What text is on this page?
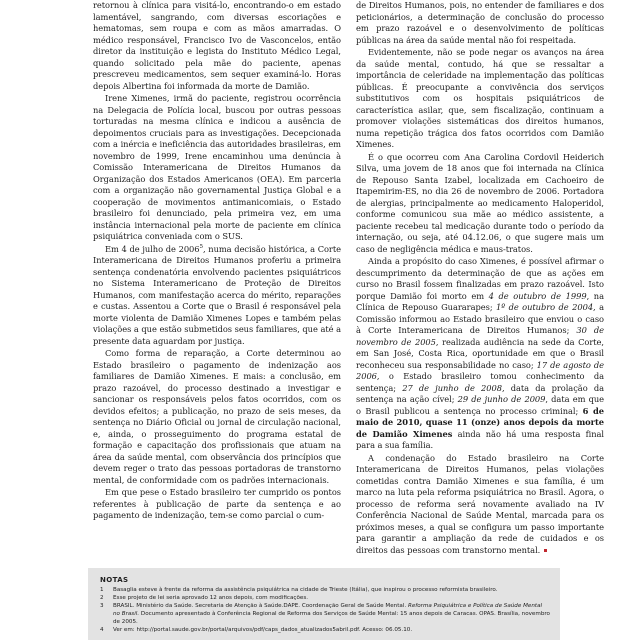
retornou à clínica para visitá-lo, encontrando-o em estado lamentável, sangrando, com diversas escoriações e hematomas, sem roupa e com as mãos amarradas. O médico responsável, Francisco Ivo de Vasconcelos, então diretor da instituição e legista do Instituto Médico Legal, quando solicitado pela mãe do paciente, apenas prescreveu medicamentos, sem sequer examiná-lo. Horas depois Albertina foi informada da morte de Damião.

Irene Ximenes, irmã do paciente, registrou ocorrência na Delegacia de Polícia local, buscou por outras pessoas torturadas na mesma clínica e indicou a ausência de depoimentos cruciais para as investigações. Decepcionada com a inércia e ineficiência das autoridades brasileiras, em novembro de 1999, Irene encaminhou uma denúncia à Comissão Interamericana de Direitos Humanos da Organização dos Estados Americanos (OEA). Em parceria com a organização não governamental Justiça Global e a cooperação de movimentos antimanicomiais, o Estado brasileiro foi denunciado, pela primeira vez, em uma instância internacional pela morte de paciente em clínica psiquiátrica conveniada com o SUS.

Em 4 de julho de 2006$^5$, numa decisão histórica, a Corte Interamericana de Direitos Humanos proferiu a primeira sentença condenatória envolvendo pacientes psiquiátricos no Sistema Interamericano de Proteção de Direitos Humanos, com manifestação acerca do mérito, reparações e custas. Assentou a Corte que o Brasil é responsável pela morte violenta de Damião Ximenes Lopes e também pelas violações a que estão submetidos seus familiares, que até a presente data aguardam por justiça.

Como forma de reparação, a Corte determinou ao Estado brasileiro o pagamento de indenização aos familiares de Damião Ximenes. E mais: a conclusão, em prazo razoável, do processo destinado a investigar e sancionar os responsáveis pelos fatos ocorridos, com os devidos efeitos; a publicação, no prazo de seis meses, da sentença no Diário Oficial ou jornal de circulação nacional, e, ainda, o prosseguimento do programa estatal de formação e capacitação dos profissionais que atuam na área da saúde mental, com observância dos princípios que devem reger o trato das pessoas portadoras de transtorno mental, de conformidade com os padrões internacionais.

Em que pese o Estado brasileiro ter cumprido os pontos referentes à publicação de parte da sentença e ao pagamento de indenização, tem-se como parcial o cum-

de Direitos Humanos, pois, no entender de familiares e dos peticionários, a determinação de conclusão do processo em prazo razoável e o desenvolvimento de políticas públicas na área da saúde mental não foi respeitada.

Evidentemente, não se pode negar os avanços na área da saúde mental, contudo, há que se ressaltar a importância de celeridade na implementação das políticas públicas. É preocupante a convivência dos serviços substitutivos com os hospitais psiquiátricos de característica asilar, que, sem fiscalização, continuam a promover violações sistemáticas dos direitos humanos, numa repetição trágica dos fatos ocorridos com Damião Ximenes.

É o que ocorreu com Ana Carolina Cordovil Heiderich Silva, uma jovem de 18 anos que foi internada na Clínica de Repouso Santa Izabel, localizada em Cachoeiro de Itapemirim-ES, no dia 26 de novembro de 2006. Portadora de alergias, principalmente ao medicamento Haloperidol, conforme comunicou sua mãe ao médico assistente, a paciente recebeu tal medicação durante todo o período da internação, ou seja, até 04.12.06, o que sugere mais um caso de negligência médica e maus-tratos.

Ainda a propósito do caso Ximenes, é possível afirmar o descumprimento da determinação de que as ações em curso no Brasil fossem finalizadas em prazo razoável. Isto porque Damião foi morto em 4 de outubro de 1999, na Clínica de Repouso Guararapes; 1º de outubro de 2004, a Comissão informou ao Estado brasileiro que enviou o caso à Corte Interamericana de Direitos Humanos; 30 de novembro de 2005, realizada audiência na sede da Corte, em San José, Costa Rica, oportunidade em que o Brasil reconheceu sua responsabilidade no caso; 17 de agosto de 2006, o Estado brasileiro tomou conhecimento da sentença; 27 de junho de 2008, data da prolação da sentença na ação cível; 29 de junho de 2009, data em que o Brasil publicou a sentença no processo criminal; 6 de maio de 2010, quase 11 (onze) anos depois da morte de Damião Ximenes ainda não há uma resposta final para a sua família.

A condenação do Estado brasileiro na Corte Interamericana de Direitos Humanos, pelas violações cometidas contra Damião Ximenes e sua família, é um marco na luta pela reforma psiquiátrica no Brasil. Agora, o processo de reforma será novamente avaliado na IV Conferência Nacional de Saúde Mental, marcada para os próximos meses, a qual se configura um passo importante para garantir a ampliação da rede de cuidados e os direitos das pessoas com transtorno mental.

NOTAS
1	Basaglia esteve à frente da reforma da assistência psiquiátrica na cidade de Trieste (Itália), que inspirou o processo reformista brasileiro.
2	Esse projeto de lei seria aprovado 12 anos depois, com modificações.
3	BRASIL. Ministério da Saúde. Secretaria de Atenção à Saúde.DAPE. Coordenação Geral de Saúde Mental. Reforma Psiquiátrica e Política de Saúde Mental no Brasil. Documento apresentado à Conferência Regional de Reforma dos Serviços de Saúde Mental: 15 anos depois de Caracas. OPAS. Brasília, novembro de 2005.
4	Ver em: http://portal.saude.gov.br/portal/arquivos/pdf/caps_dados_atualizados5abril.pdf. Acesso: 06.05.10.
